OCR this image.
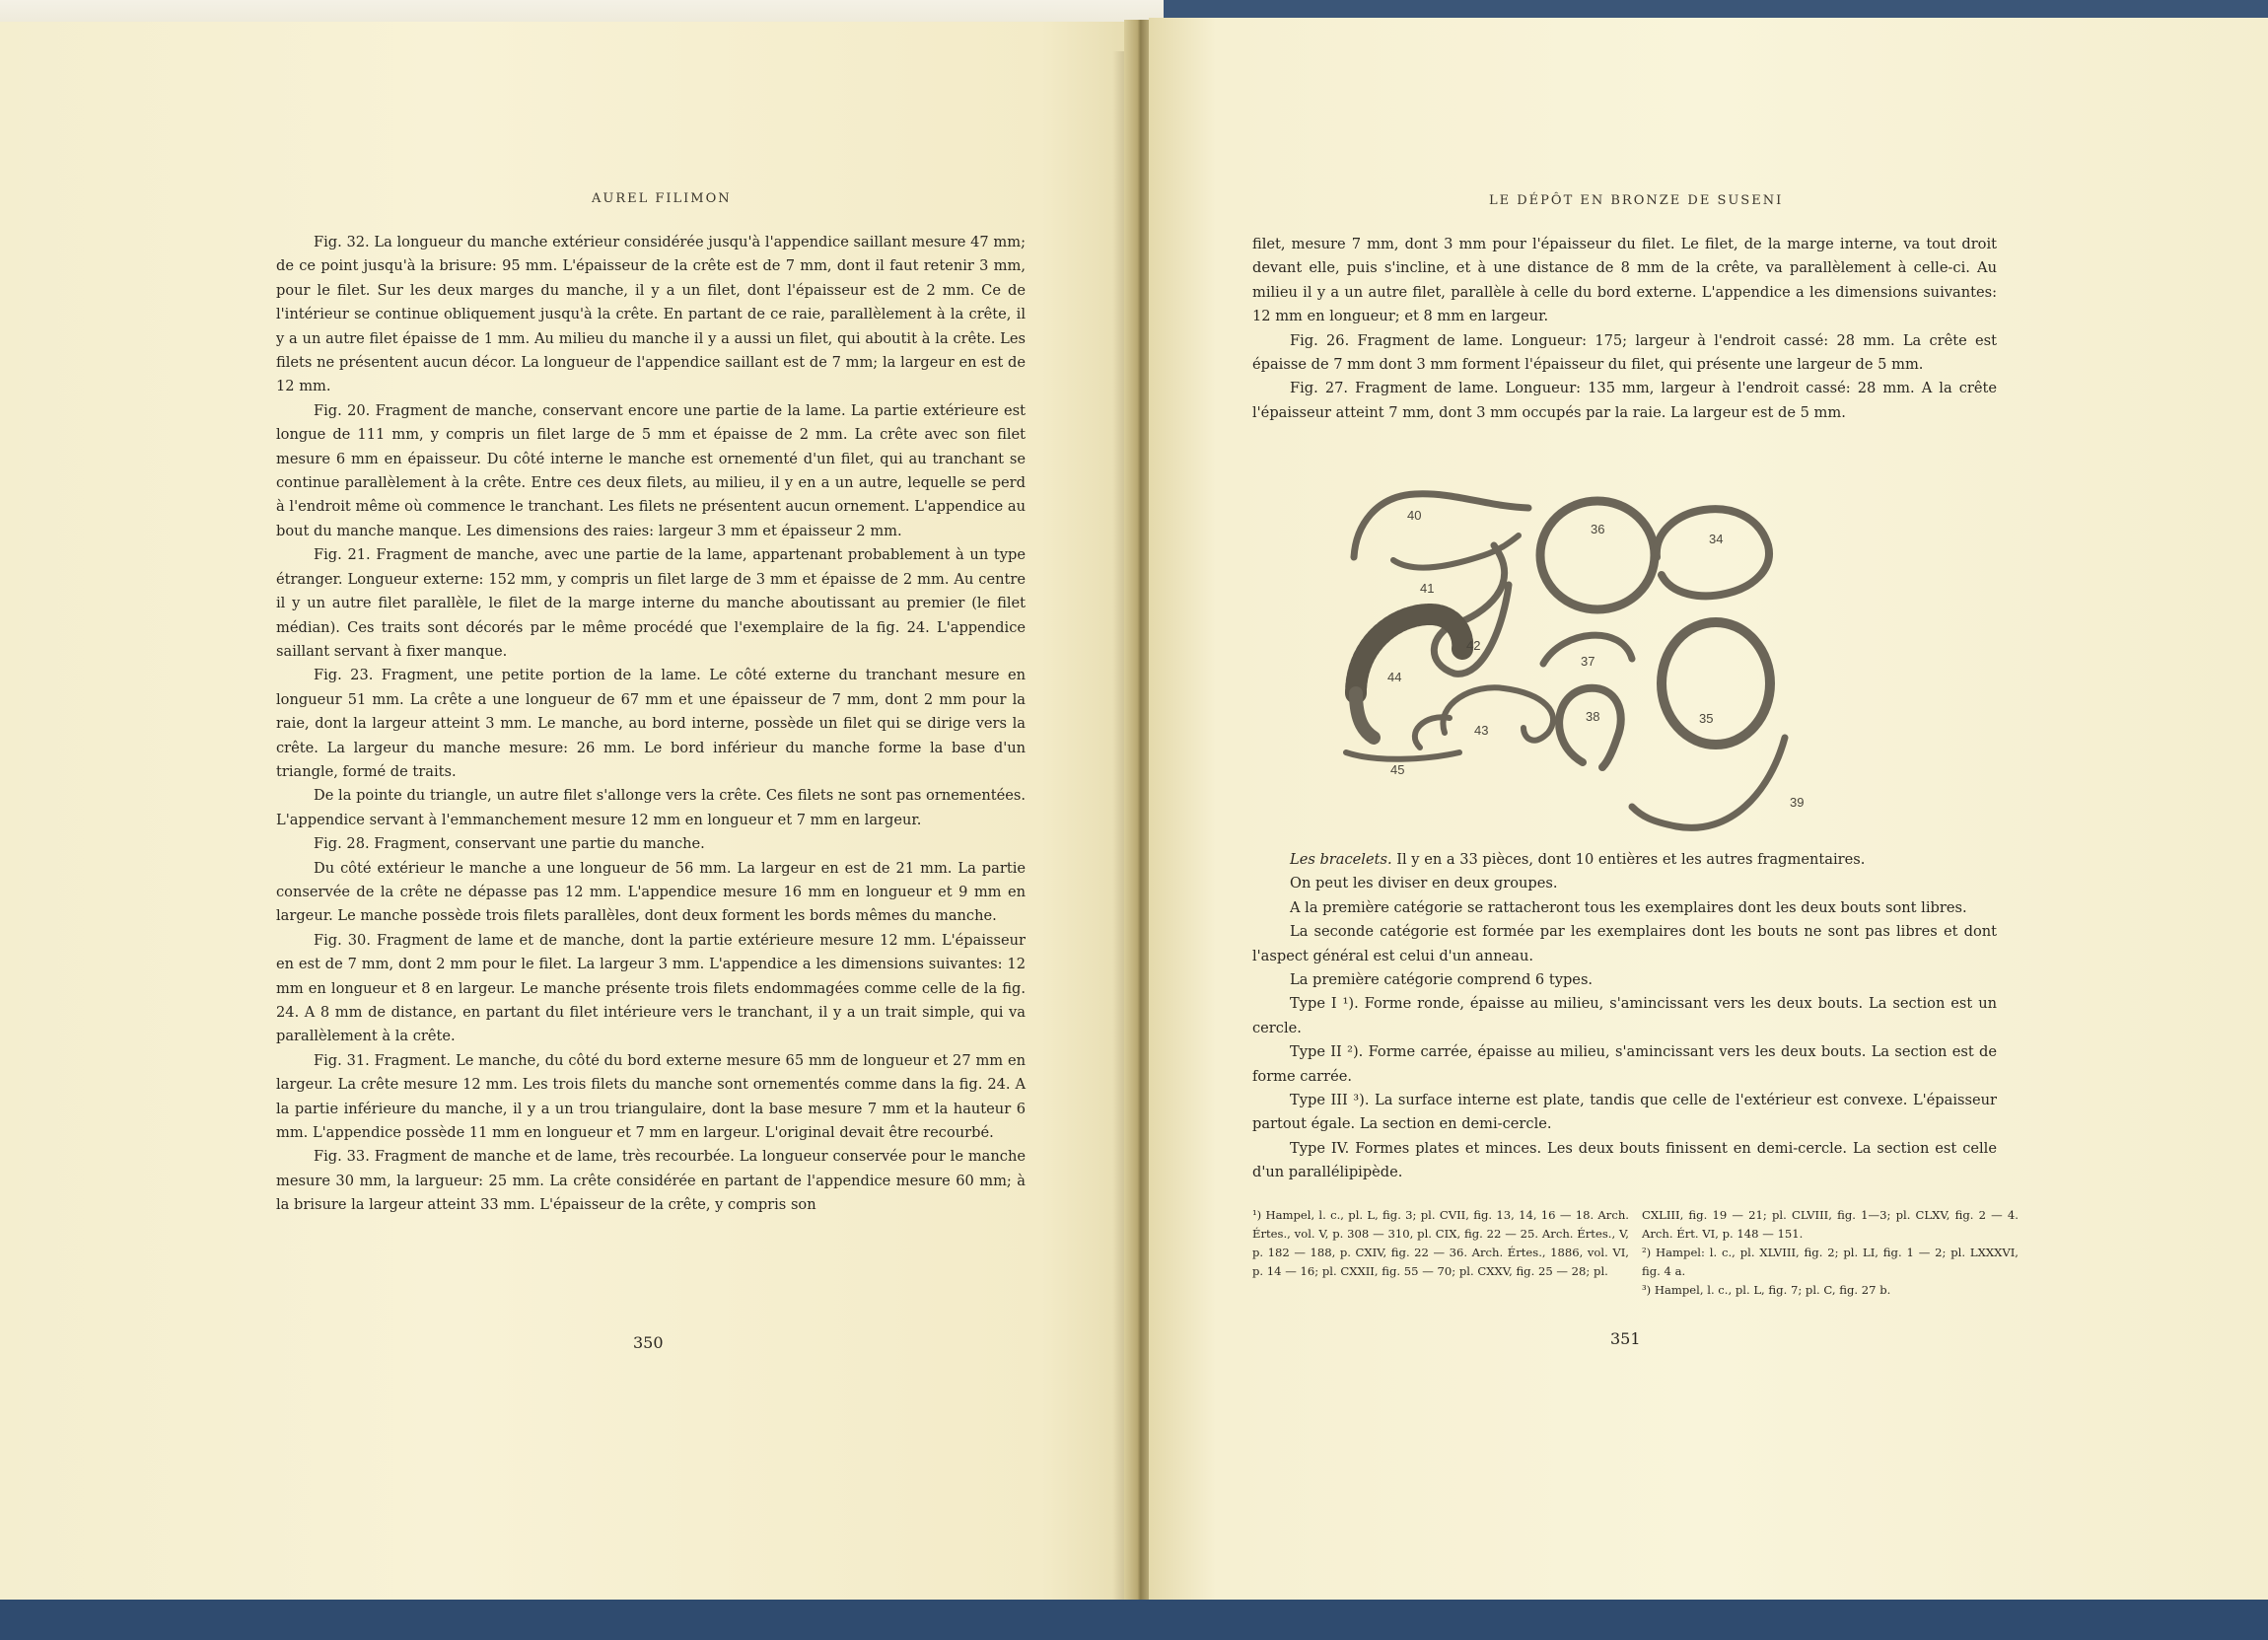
AUREL FILIMON

Fig. 32. La longueur du manche extérieur considérée jusqu'à l'appendice saillant mesure 47 mm; de ce point jusqu'à la brisure: 95 mm. L'épaisseur de la crête est de 7 mm, dont il faut retenir 3 mm, pour le filet. Sur les deux marges du manche, il y a un filet, dont l'épaisseur est de 2 mm. Ce de l'intérieur se continue obliquement jusqu'à la crête. En partant de ce raie, parallèlement à la crête, il y a un autre filet épaisse de 1 mm. Au milieu du manche il y a aussi un filet, qui aboutit à la crête. Les filets ne présentent aucun décor. La longueur de l'appendice saillant est de 7 mm; la largeur en est de 12 mm.

Fig. 20. Fragment de manche, conservant encore une partie de la lame. La partie extérieure est longue de 111 mm, y compris un filet large de 5 mm et épaisse de 2 mm. La crête avec son filet mesure 6 mm en épaisseur. Du côté interne le manche est ornementé d'un filet, qui au tranchant se continue parallèlement à la crête. Entre ces deux filets, au milieu, il y en a un autre, lequelle se perd à l'endroit même où commence le tranchant. Les filets ne présentent aucun ornement. L'appendice au bout du manche manque. Les dimensions des raies: largeur 3 mm et épaisseur 2 mm.

Fig. 21. Fragment de manche, avec une partie de la lame, appartenant probablement à un type étranger. Longueur externe: 152 mm, y compris un filet large de 3 mm et épaisse de 2 mm. Au centre il y un autre filet parallèle, le filet de la marge interne du manche aboutissant au premier (le filet médian). Ces traits sont décorés par le même procédé que l'exemplaire de la fig. 24. L'appendice saillant servant à fixer manque.

Fig. 23. Fragment, une petite portion de la lame. Le côté externe du tranchant mesure en longueur 51 mm. La crête a une longueur de 67 mm et une épaisseur de 7 mm, dont 2 mm pour la raie, dont la largeur atteint 3 mm. Le manche, au bord interne, possède un filet qui se dirige vers la crête. La largeur du manche mesure: 26 mm. Le bord inférieur du manche forme la base d'un triangle, formé de traits.

De la pointe du triangle, un autre filet s'allonge vers la crête. Ces filets ne sont pas ornementées. L'appendice servant à l'emmanchement mesure 12 mm en longueur et 7 mm en largeur.

Fig. 28. Fragment, conservant une partie du manche.

Du côté extérieur le manche a une longueur de 56 mm. La largeur en est de 21 mm. La partie conservée de la crête ne dépasse pas 12 mm. L'appendice mesure 16 mm en longueur et 9 mm en largeur. Le manche possède trois filets parallèles, dont deux forment les bords mêmes du manche.

Fig. 30. Fragment de lame et de manche, dont la partie extérieure mesure 12 mm. L'épaisseur en est de 7 mm, dont 2 mm pour le filet. La largeur 3 mm. L'appendice a les dimensions suivantes: 12 mm en longueur et 8 en largeur. Le manche présente trois filets endommagées comme celle de la fig. 24. A 8 mm de distance, en partant du filet intérieure vers le tranchant, il y a un trait simple, qui va parallèlement à la crête.

Fig. 31. Fragment. Le manche, du côté du bord externe mesure 65 mm de longueur et 27 mm en largeur. La crête mesure 12 mm. Les trois filets du manche sont ornementés comme dans la fig. 24. A la partie inférieure du manche, il y a un trou triangulaire, dont la base mesure 7 mm et la hauteur 6 mm. L'appendice possède 11 mm en longueur et 7 mm en largeur. L'original devait être recourbé.

Fig. 33. Fragment de manche et de lame, très recourbée. La longueur conservée pour le manche mesure 30 mm, la largueur: 25 mm. La crête considérée en partant de l'appendice mesure 60 mm; à la brisure la largeur atteint 33 mm. L'épaisseur de la crête, y compris son

350
LE DÉPÔT EN BRONZE DE SUSENI

filet, mesure 7 mm, dont 3 mm pour l'épaisseur du filet. Le filet, de la marge interne, va tout droit devant elle, puis s'incline, et à une distance de 8 mm de la crête, va parallèlement à celle-ci. Au milieu il y a un autre filet, parallèle à celle du bord externe. L'appendice a les dimensions suivantes: 12 mm en longueur; et 8 mm en largeur.

Fig. 26. Fragment de lame. Longueur: 175; largeur à l'endroit cassé: 28 mm. La crête est épaisse de 7 mm dont 3 mm forment l'épaisseur du filet, qui présente une largeur de 5 mm.

Fig. 27. Fragment de lame. Longueur: 135 mm, largeur à l'endroit cassé: 28 mm. A la crête l'épaisseur atteint 7 mm, dont 3 mm occupés par la raie. La largeur est de 5 mm.

40
41
42
36
34
37
44
43
38	35
45
39

Les bracelets. Il y en a 33 pièces, dont 10 entières et les autres fragmentaires.

On peut les diviser en deux groupes.

A la première catégorie se rattacheront tous les exemplaires dont les deux bouts sont libres.

La seconde catégorie est formée par les exemplaires dont les bouts ne sont pas libres et dont l'aspect général est celui d'un anneau.

La première catégorie comprend 6 types.

Type I ¹). Forme ronde, épaisse au milieu, s'amincissant vers les deux bouts. La section est un cercle.

Type II ²). Forme carrée, épaisse au milieu, s'amincissant vers les deux bouts. La section est de forme carrée.

Type III ³). La surface interne est plate, tandis que celle de l'extérieur est convexe. L'épaisseur partout égale. La section en demi-cercle.

Type IV. Formes plates et minces. Les deux bouts finissent en demi-cercle. La section est celle d'un parallélipipède.

¹) Hampel, l. c., pl. L, fig. 3; pl. CVII, fig. 13, 14, 16 — 18. Arch. Értes., vol. V, p. 308 — 310, pl. CIX, fig. 22 — 25. Arch. Értes., V, p. 182 — 188, p. CXIV, fig. 22 — 36. Arch. Értes., 1886, vol. VI, p. 14 — 16; pl. CXXII, fig. 55 — 70; pl. CXXV, fig. 25 — 28; pl.

CXLIII, fig. 19 — 21; pl. CLVIII, fig. 1—3; pl. CLXV, fig. 2 — 4. Arch. Ért. VI, p. 148 — 151.

²) Hampel: l. c., pl. XLVIII, fig. 2; pl. LI, fig. 1 — 2; pl. LXXXVI, fig. 4 a.

³) Hampel, l. c., pl. L, fig. 7; pl. C, fig. 27 b.

351
